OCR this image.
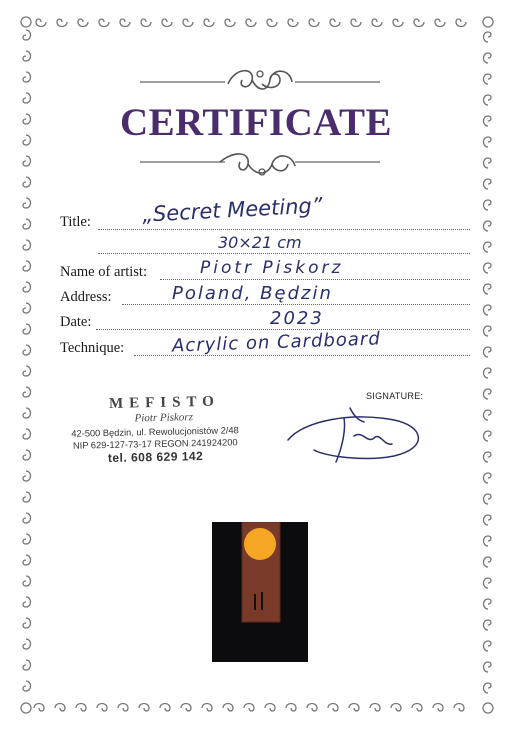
CERTIFICATE
Title: „Secret Meeting”
30×21 cm
Name of artist:	Piotr Piskorz
Address:	Poland, Będzin
Date:	2023
Technique:	Acrylic on Cardboard
MEFISTO
Piotr Piskorz
42-500 Będzin, ul. Rewolucjonistów 2/48
NIP 629-127-73-17 REGON 241924200
tel. 608 629 142
SIGNATURE:
